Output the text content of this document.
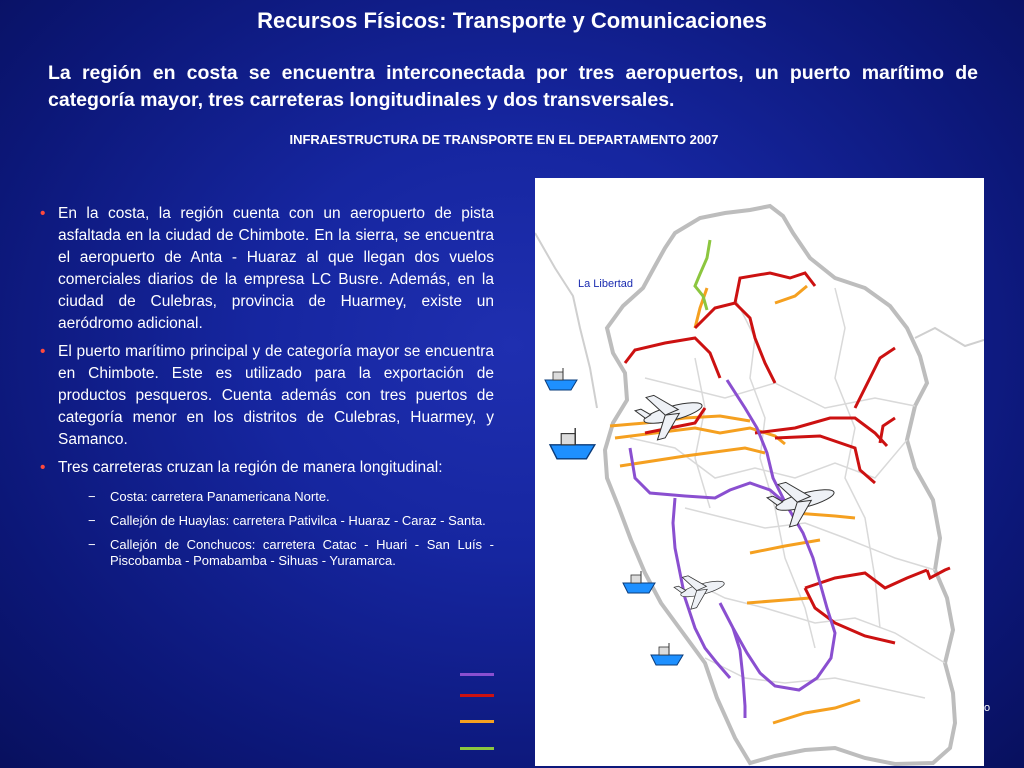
Recursos Físicos: Transporte y Comunicaciones
La región en costa se encuentra interconectada por tres aeropuertos, un puerto marítimo de categoría mayor, tres carreteras longitudinales y dos transversales.
INFRAESTRUCTURA DE TRANSPORTE EN EL DEPARTAMENTO 2007
• En la costa, la región cuenta con un aeropuerto de pista asfaltada en la ciudad de Chimbote. En la sierra, se encuentra el aeropuerto de Anta - Huaraz al que llegan dos vuelos comerciales diarios de la empresa LC Busre. Además, en la ciudad de Culebras, provincia de Huarmey, existe un aeródromo adicional.
• El puerto marítimo principal y de categoría mayor se encuentra en Chimbote. Este es utilizado para la exportación de productos pesqueros. Cuenta además con tres puertos de categoría menor en los distritos de Culebras, Huarmey, y Samanco.
• Tres carreteras cruzan la región de manera longitudinal:
− Costa: carretera Panamericana Norte.
− Callejón de Huaylas: carretera Pativilca - Huaraz - Caraz - Santa.
− Callejón de Conchucos: carretera Catac - Huari - San Luís - Piscobamba - Pomabamba - Sihuas - Yuramarca.
La Libertad
o
